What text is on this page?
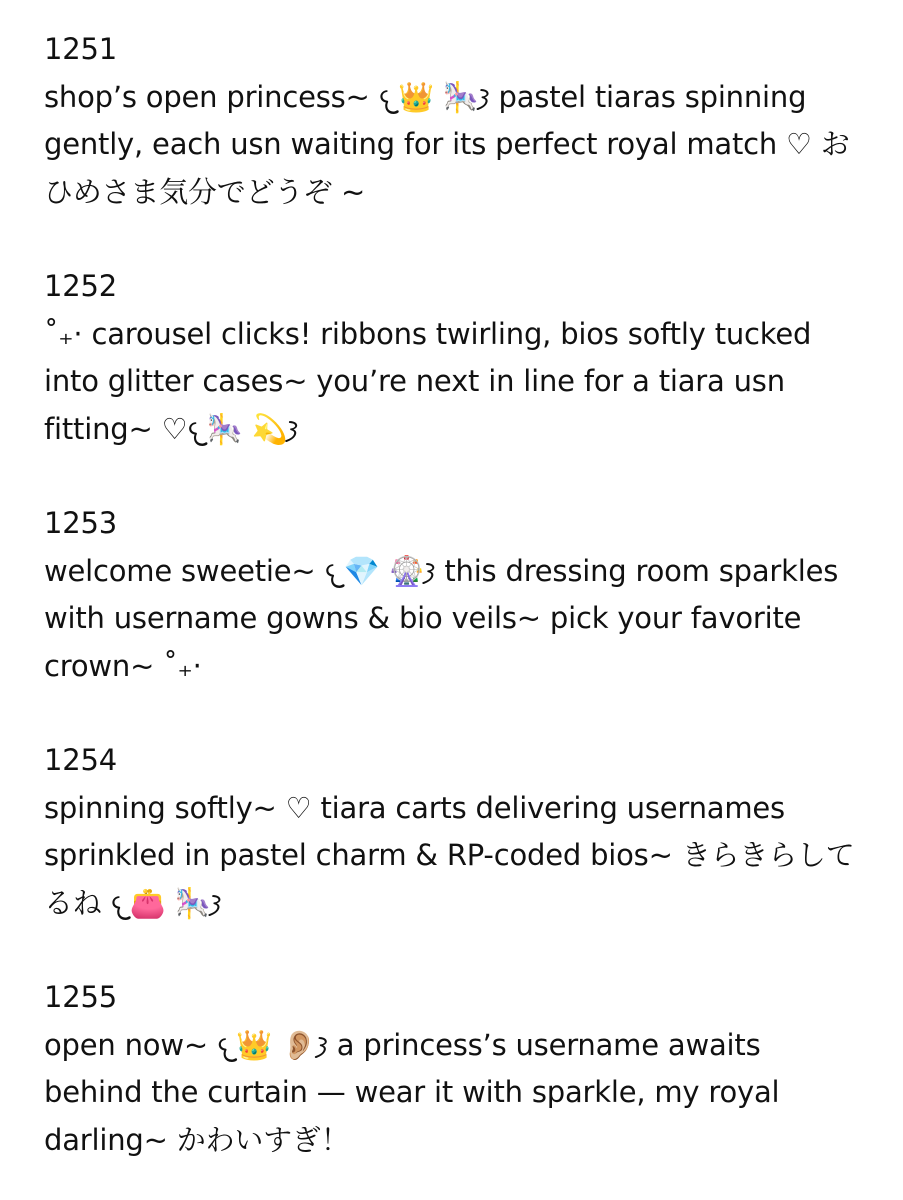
1251

shop’s open princess~ 𐔌👑 🎠𐦯 pastel tiaras spinning gently, each usn waiting for its perfect royal match ♡ おひめさま気分でどうぞ ~

1252

˚₊· carousel clicks! ribbons twirling, bios softly tucked into glitter cases~ you’re next in line for a tiara usn fitting~ ♡𐔌🎠 💫𐦯

1253

welcome sweetie~ 𐔌💎 🎡𐦯 this dressing room sparkles with username gowns & bio veils~ pick your favorite crown~ ˚₊·

1254

spinning softly~ ♡ tiara carts delivering usernames sprinkled in pastel charm & RP-coded bios~ きらきらしてるね 𐔌👛 🎠𐦯

1255

open now~ 𐔌👑 👂🏼𐦯 a princess’s username awaits behind the curtain — wear it with sparkle, my royal darling~ かわいすぎ！
